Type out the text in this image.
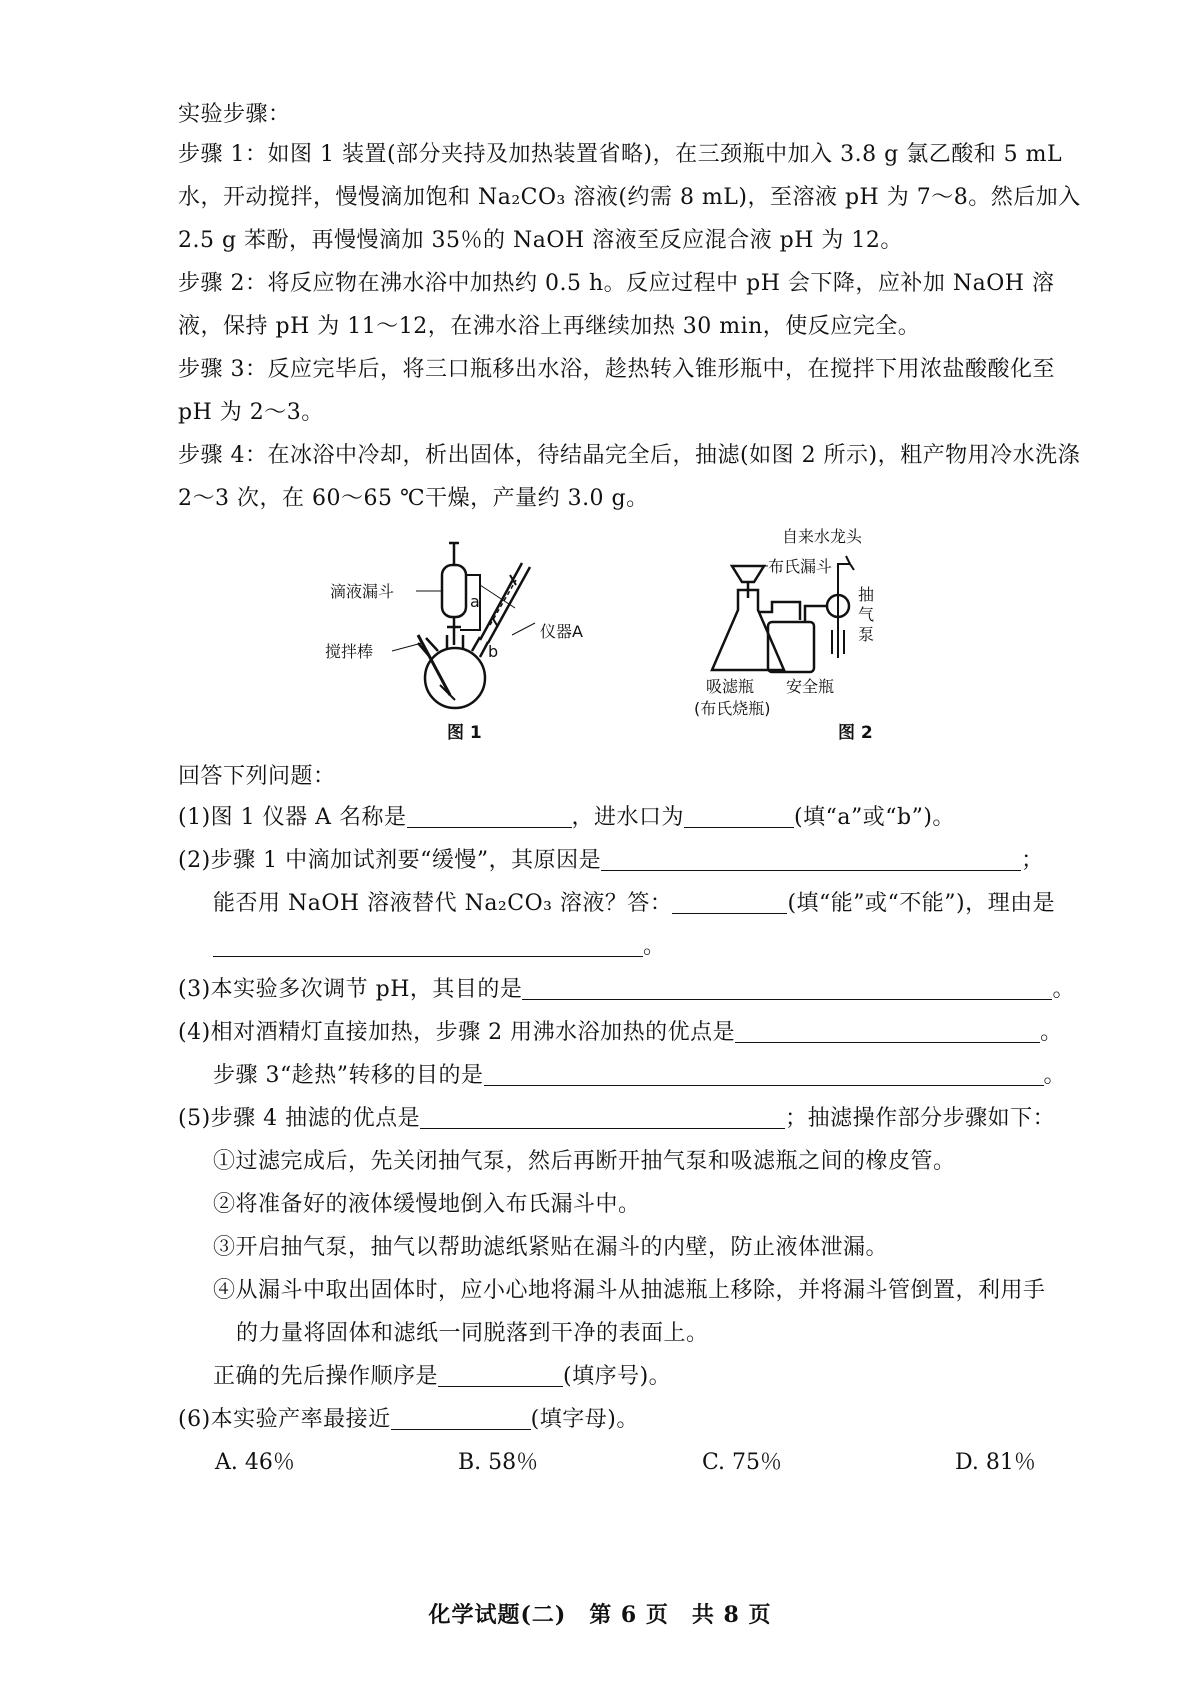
实验步骤：
步骤 1：如图 1 装置(部分夹持及加热装置省略)，在三颈瓶中加入 3.8 g 氯乙酸和 5 mL
水，开动搅拌，慢慢滴加饱和 Na₂CO₃ 溶液(约需 8 mL)，至溶液 pH 为 7～8。然后加入
2.5 g 苯酚，再慢慢滴加 35％的 NaOH 溶液至反应混合液 pH 为 12。
步骤 2：将反应物在沸水浴中加热约 0.5 h。反应过程中 pH 会下降，应补加 NaOH 溶
液，保持 pH 为 11～12，在沸水浴上再继续加热 30 min，使反应完全。
步骤 3：反应完毕后，将三口瓶移出水浴，趁热转入锥形瓶中，在搅拌下用浓盐酸酸化至
pH 为 2～3。
步骤 4：在冰浴中冷却，析出固体，待结晶完全后，抽滤(如图 2 所示)，粗产物用冷水洗涤
2～3 次，在 60～65 ℃干燥，产量约 3.0 g。
滴液漏斗
搅拌棒
a
b
仪器A
图 1
自来水龙头
布氏漏斗
抽
气
泵
吸滤瓶
(布氏烧瓶)
安全瓶
图 2
回答下列问题：
(1)图 1 仪器 A 名称是	，进水口为	(填“a”或“b”)。
(2)步骤 1 中滴加试剂要“缓慢”，其原因是	；
能否用 NaOH 溶液替代 Na₂CO₃ 溶液？答：	(填“能”或“不能”)，理由是
。
(3)本实验多次调节 pH，其目的是	。
(4)相对酒精灯直接加热，步骤 2 用沸水浴加热的优点是	。
步骤 3“趁热”转移的目的是	。
(5)步骤 4 抽滤的优点是	；抽滤操作部分步骤如下：
①过滤完成后，先关闭抽气泵，然后再断开抽气泵和吸滤瓶之间的橡皮管。
②将准备好的液体缓慢地倒入布氏漏斗中。
③开启抽气泵，抽气以帮助滤纸紧贴在漏斗的内壁，防止液体泄漏。
④从漏斗中取出固体时，应小心地将漏斗从抽滤瓶上移除，并将漏斗管倒置，利用手
的力量将固体和滤纸一同脱落到干净的表面上。
正确的先后操作顺序是	(填序号)。
(6)本实验产率最接近	(填字母)。
A. 46％	B. 58％	C. 75％	D. 81％
化学试题(二)　第 6 页　共 8 页
